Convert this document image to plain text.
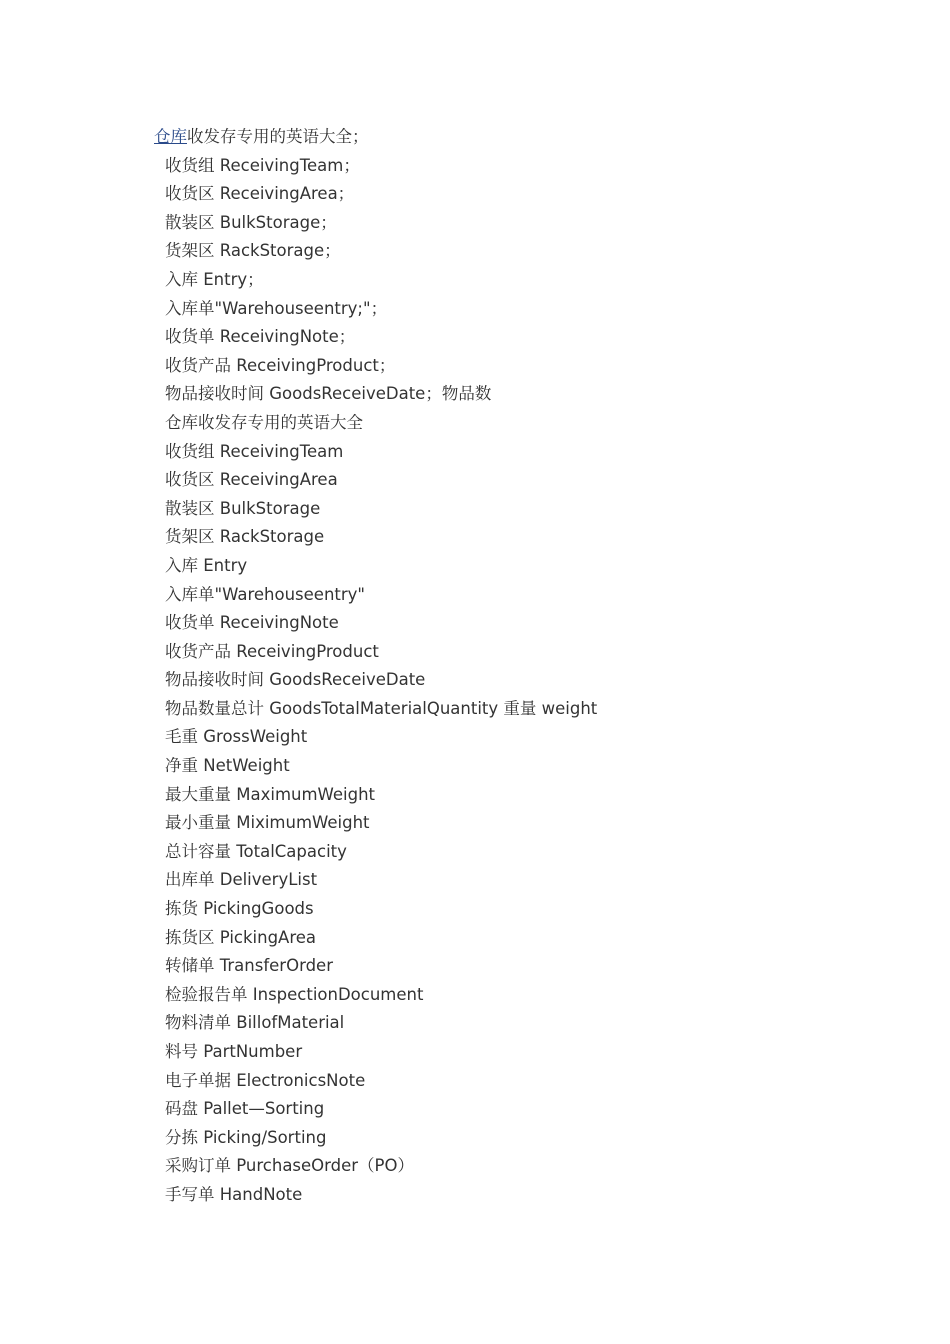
仓库收发存专用的英语大全；
收货组 ReceivingTeam；
收货区 ReceivingArea；
散装区 BulkStorage；
货架区 RackStorage；
入库 Entry；
入库单"Warehouseentry;"；
收货单 ReceivingNote；
收货产品 ReceivingProduct；
物品接收时间 GoodsReceiveDate；物品数
仓库收发存专用的英语大全
收货组 ReceivingTeam
收货区 ReceivingArea
散装区 BulkStorage
货架区 RackStorage
入库 Entry
入库单"Warehouseentry"
收货单 ReceivingNote
收货产品 ReceivingProduct
物品接收时间 GoodsReceiveDate
物品数量总计 GoodsTotalMaterialQuantity 重量 weight
毛重 GrossWeight
净重 NetWeight
最大重量 MaximumWeight
最小重量 MiximumWeight
总计容量 TotalCapacity
出库单 DeliveryList
拣货 PickingGoods
拣货区 PickingArea
转储单 TransferOrder
检验报告单 InspectionDocument
物料清单 BillofMaterial
料号 PartNumber
电子单据 ElectronicsNote
码盘 Pallet—Sorting
分拣 Picking/Sorting
采购订单 PurchaseOrder（PO）
手写单 HandNote
